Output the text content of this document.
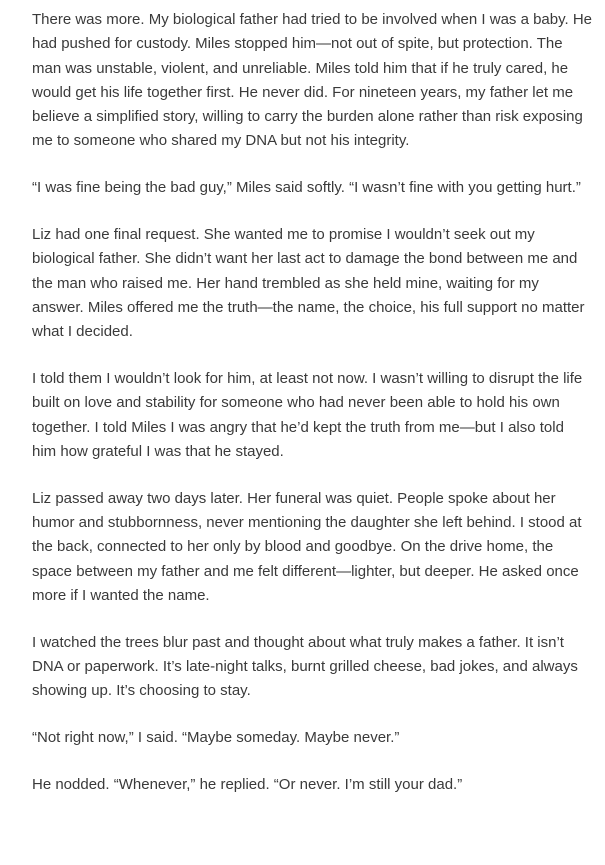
There was more. My biological father had tried to be involved when I was a baby. He had pushed for custody. Miles stopped him—not out of spite, but protection. The man was unstable, violent, and unreliable. Miles told him that if he truly cared, he would get his life together first. He never did. For nineteen years, my father let me believe a simplified story, willing to carry the burden alone rather than risk exposing me to someone who shared my DNA but not his integrity.

“I was fine being the bad guy,” Miles said softly. “I wasn’t fine with you getting hurt.”

Liz had one final request. She wanted me to promise I wouldn’t seek out my biological father. She didn’t want her last act to damage the bond between me and the man who raised me. Her hand trembled as she held mine, waiting for my answer. Miles offered me the truth—the name, the choice, his full support no matter what I decided.

I told them I wouldn’t look for him, at least not now. I wasn’t willing to disrupt the life built on love and stability for someone who had never been able to hold his own together. I told Miles I was angry that he’d kept the truth from me—but I also told him how grateful I was that he stayed.

Liz passed away two days later. Her funeral was quiet. People spoke about her humor and stubbornness, never mentioning the daughter she left behind. I stood at the back, connected to her only by blood and goodbye. On the drive home, the space between my father and me felt different—lighter, but deeper. He asked once more if I wanted the name.

I watched the trees blur past and thought about what truly makes a father. It isn’t DNA or paperwork. It’s late-night talks, burnt grilled cheese, bad jokes, and always showing up. It’s choosing to stay.

“Not right now,” I said. “Maybe someday. Maybe never.”

He nodded. “Whenever,” he replied. “Or never. I’m still your dad.”
